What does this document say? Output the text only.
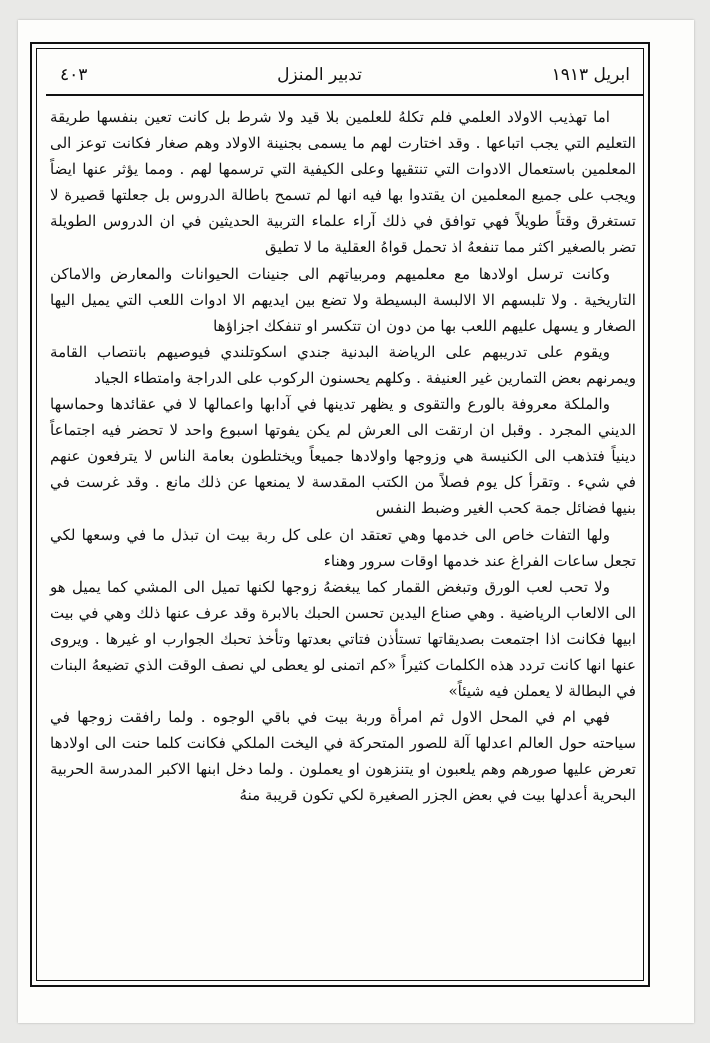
ابريل ١٩١٣
تدبير المنزل
٤٠٣

اما تهذيب الاولاد العلمي فلم تكلهُ للعلمين بلا قيد ولا شرط بل كانت تعين بنفسها طريقة التعليم التي يجب اتباعها . وقد اختارت لهم ما يسمى بجنينة الاولاد وهم صغار فكانت توعز الى المعلمين باستعمال الادوات التي تنتقيها وعلى الكيفية التي ترسمها لهم . ومما يؤثر عنها ايضاً ويجب على جميع المعلمين ان يقتدوا بها فيه انها لم تسمح باطالة الدروس بل جعلتها قصيرة لا تستغرق وقتاً طويلاً فهي توافق في ذلك آراء علماء التربية الحديثين في ان الدروس الطويلة تضر بالصغير اكثر مما تنفعهُ اذ تحمل قواهُ العقلية ما لا تطيق

وكانت ترسل اولادها مع معلميهم ومربياتهم الى جنينات الحيوانات والمعارض والاماكن التاريخية . ولا تلبسهم الا الالبسة البسيطة ولا تضع بين ايديهم الا ادوات اللعب التي يميل اليها الصغار و يسهل عليهم اللعب بها من دون ان تتكسر او تنفكك اجزاؤها

ويقوم على تدريبهم على الرياضة البدنية جندي اسكوتلندي فيوصيهم بانتصاب القامة ويمرنهم بعض التمارين غير العنيفة . وكلهم يحسنون الركوب على الدراجة وامتطاء الجياد

والملكة معروفة بالورع والتقوى و يظهر تدينها في آدابها واعمالها لا في عقائدها وحماسها الديني المجرد . وقبل ان ارتقت الى العرش لم يكن يفوتها اسبوع واحد لا تحضر فيه اجتماعاً دينياً فتذهب الى الكنيسة هي وزوجها واولادها جميعاً ويختلطون بعامة الناس لا يترفعون عنهم في شيء . وتقرأ كل يوم فصلاً من الكتب المقدسة لا يمنعها عن ذلك مانع . وقد غرست في بنيها فضائل جمة كحب الغير وضبط النفس

ولها التفات خاص الى خدمها وهي تعتقد ان على كل ربة بيت ان تبذل ما في وسعها لكي تجعل ساعات الفراغ عند خدمها اوقات سرور وهناء

ولا تحب لعب الورق وتبغض القمار كما يبغضهُ زوجها لكنها تميل الى المشي كما يميل هو الى الالعاب الرياضية . وهي صناع اليدين تحسن الحبك بالابرة وقد عرف عنها ذلك وهي في بيت ابيها فكانت اذا اجتمعت بصديقاتها تستأذن فتاتي بعدتها وتأخذ تحبك الجوارب او غيرها . ويروى عنها انها كانت تردد هذه الكلمات كثيراً «كم اتمنى لو يعطى لي نصف الوقت الذي تضيعهُ البنات في البطالة لا يعملن فيه شيئاً»

فهي ام في المحل الاول ثم امرأة وربة بيت في باقي الوجوه . ولما رافقت زوجها في سياحته حول العالم اعدلها آلة للصور المتحركة في اليخت الملكي فكانت كلما حنت الى اولادها تعرض عليها صورهم وهم يلعبون او يتنزهون او يعملون . ولما دخل ابنها الاكبر المدرسة الحربية البحرية أعدلها بيت في بعض الجزر الصغيرة لكي تكون قريبة منهُ
